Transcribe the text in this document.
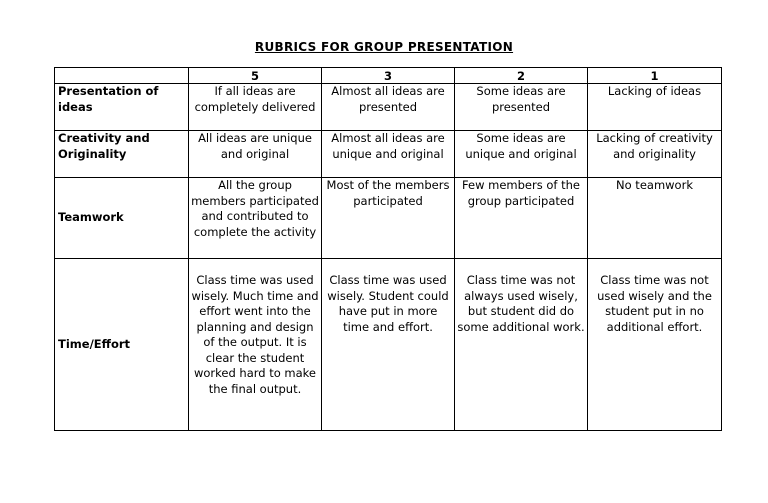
RUBRICS FOR GROUP PRESENTATION
	5	3	2	1
Presentation of ideas	If all ideas are completely delivered	Almost all ideas are presented	Some ideas are presented	Lacking of ideas
Creativity and Originality	All ideas are unique and original	Almost all ideas are unique and original	Some ideas are unique and original	Lacking of creativity and originality
Teamwork	All the group members participated and contributed to complete the activity	Most of the members participated	Few members of the group participated	No teamwork
Time/Effort	Class time was used wisely. Much time and effort went into the planning and design of the output. It is clear the student worked hard to make the final output.	Class time was used wisely. Student could have put in more time and effort.	Class time was not always used wisely, but student did do some additional work.	Class time was not used wisely and the student put in no additional effort.
